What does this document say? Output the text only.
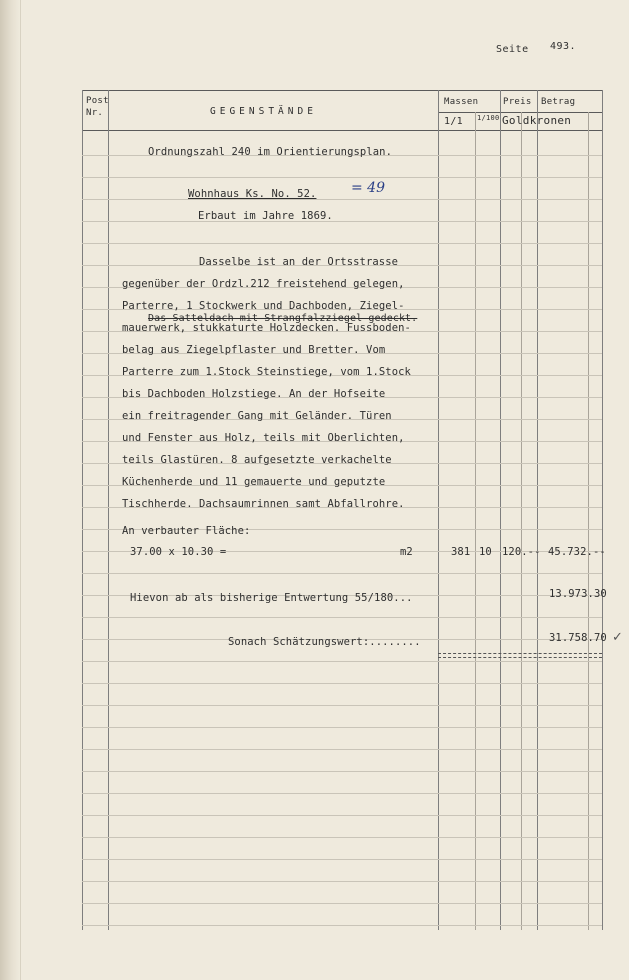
Seite 493.
Post
Nr.	GEGENSTÄNDE
Massen
1/1 1/100
Preis Betrag
Goldkronen
Ordnungszahl 240 im Orientierungsplan.
Wohnhaus Ks. No. 52. = 49
Erbaut im Jahre 1869.
Dasselbe ist an der Ortsstrasse
gegenüber der Ordzl.212 freistehend gelegen,
Parterre, 1 Stockwerk und Dachboden, Ziegel-
Das Satteldach mit Strangfalzziegel gedeckt.
mauerwerk, stukkaturte Holzdecken. Fussboden-
belag aus Ziegelpflaster und Bretter. Vom
Parterre zum 1.Stock Steinstiege, vom 1.Stock
bis Dachboden Holzstiege. An der Hofseite
ein freitragender Gang mit Geländer. Türen
und Fenster aus Holz, teils mit Oberlichten,
teils Glastüren. 8 aufgesetzte verkachelte
Küchenherde und 11 gemauerte und geputzte
Tischherde. Dachsaumrinnen samt Abfallrohre.
An verbauter Fläche:
37.00 x 10.30 =	m2	381 10 120.-- 45.732.--
Hievon ab als bisherige Entwertung 55/180...	13.973.30
Sonach Schätzungswert:........	31.758.70 ✓
